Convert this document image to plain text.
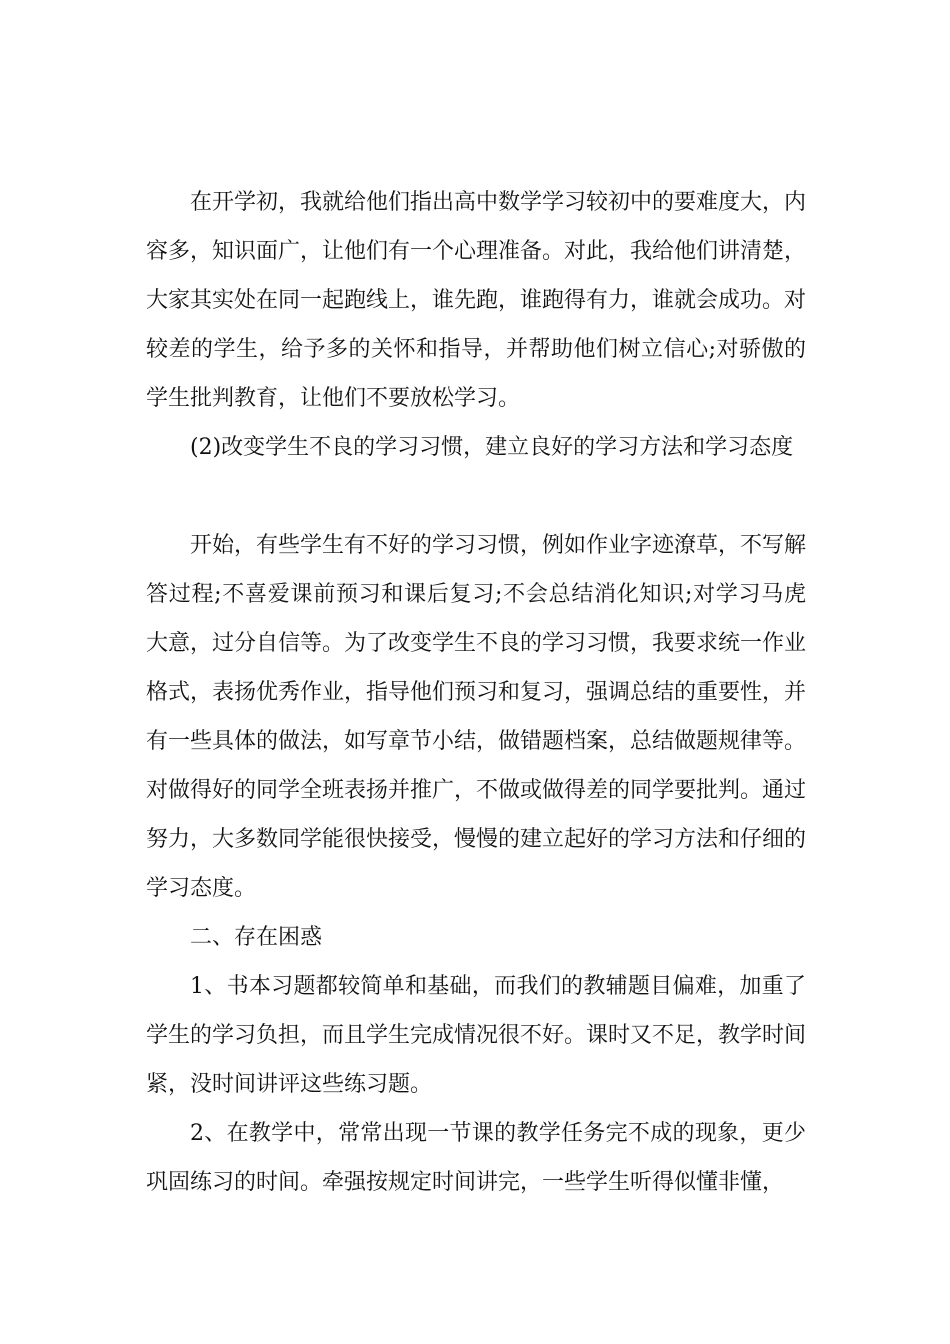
在开学初，我就给他们指出高中数学学习较初中的要难度大，内容多，知识面广，让他们有一个心理准备。对此，我给他们讲清楚，大家其实处在同一起跑线上，谁先跑，谁跑得有力，谁就会成功。对较差的学生，给予多的关怀和指导，并帮助他们树立信心;对骄傲的学生批判教育，让他们不要放松学习。

(2)改变学生不良的学习习惯，建立良好的学习方法和学习态度

开始，有些学生有不好的学习习惯，例如作业字迹潦草，不写解答过程;不喜爱课前预习和课后复习;不会总结消化知识;对学习马虎大意，过分自信等。为了改变学生不良的学习习惯，我要求统一作业格式，表扬优秀作业，指导他们预习和复习，强调总结的重要性，并有一些具体的做法，如写章节小结，做错题档案，总结做题规律等。对做得好的同学全班表扬并推广，不做或做得差的同学要批判。通过努力，大多数同学能很快接受，慢慢的建立起好的学习方法和仔细的学习态度。

二、存在困惑

1、书本习题都较简单和基础，而我们的教辅题目偏难，加重了学生的学习负担，而且学生完成情况很不好。课时又不足，教学时间紧，没时间讲评这些练习题。

2、在教学中，常常出现一节课的教学任务完不成的现象，更少巩固练习的时间。牵强按规定时间讲完，一些学生听得似懂非懂，
